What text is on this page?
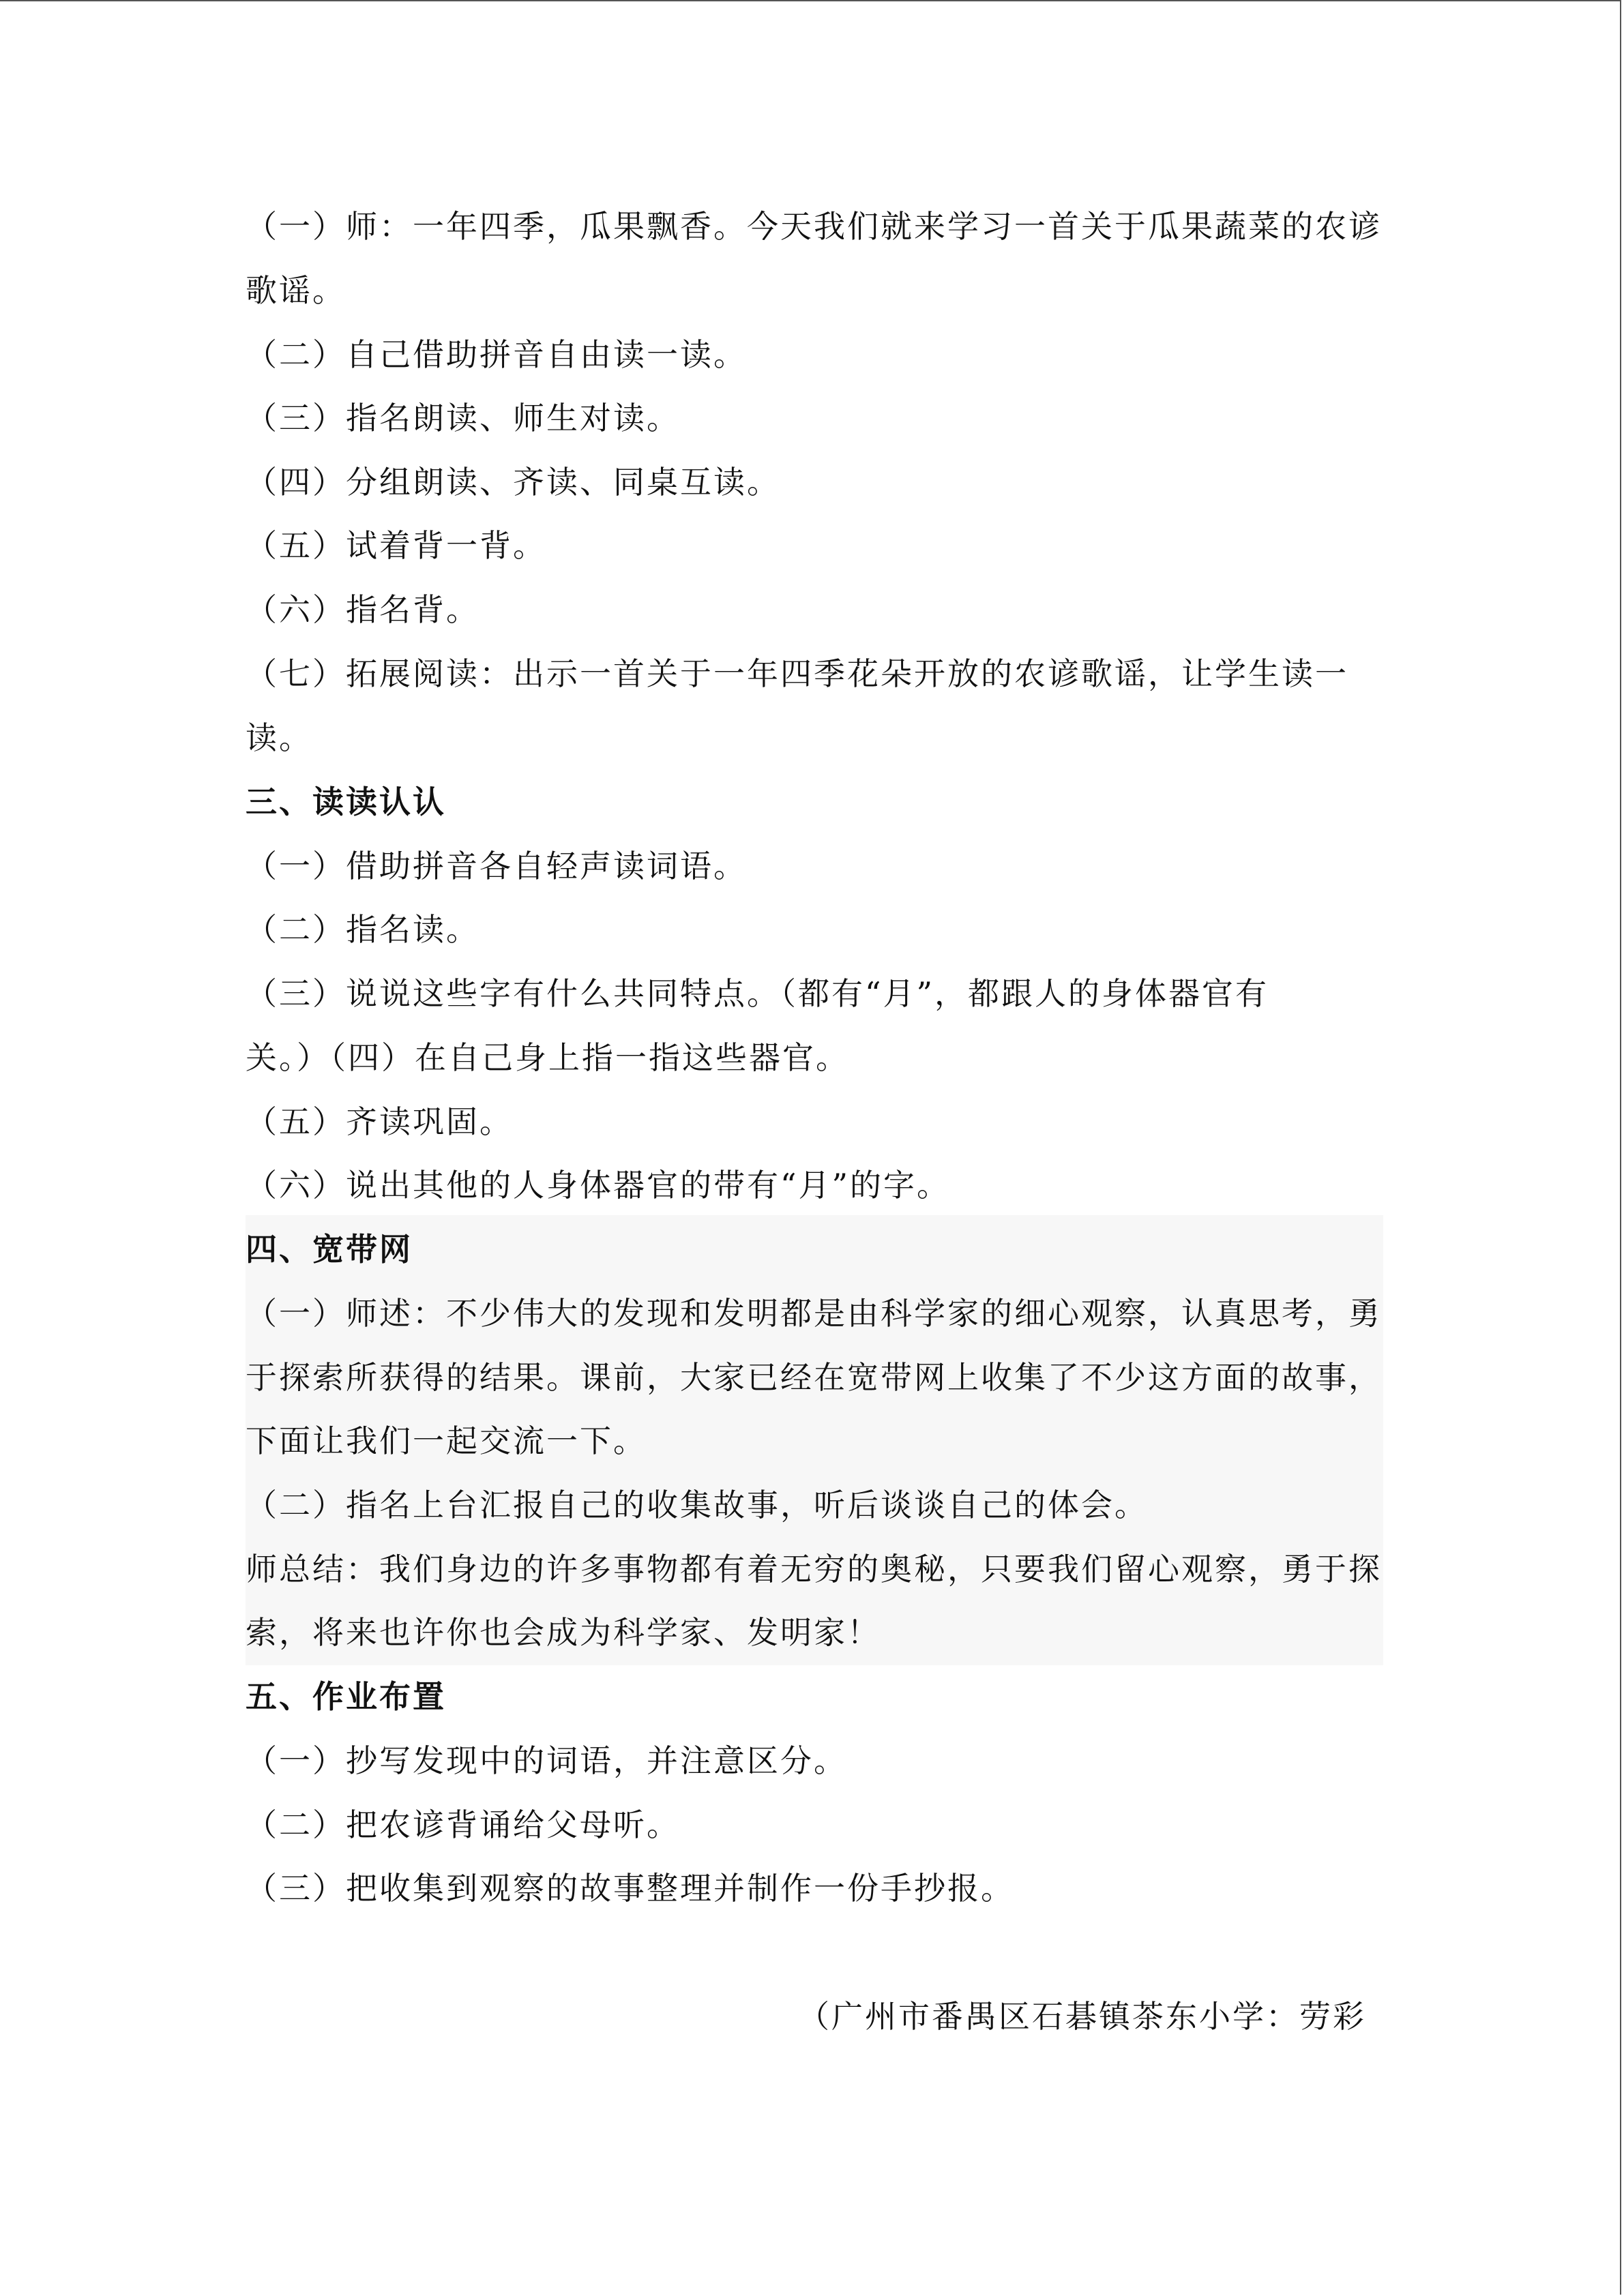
（一）师：一年四季，瓜果飘香。今天我们就来学习一首关于瓜果蔬菜的农谚

歌谣。

（二）自己借助拼音自由读一读。

（三）指名朗读、师生对读。

（四）分组朗读、齐读、同桌互读。

（五）试着背一背。

（六）指名背。

（七）拓展阅读：出示一首关于一年四季花朵开放的农谚歌谣，让学生读一

读。

三、读读认认

（一）借助拼音各自轻声读词语。

（二）指名读。

（三）说说这些字有什么共同特点。（都有“月”，都跟人的身体器官有

关。）（四）在自己身上指一指这些器官。

（五）齐读巩固。

（六）说出其他的人身体器官的带有“月”的字。

四、宽带网

（一）师述：不少伟大的发现和发明都是由科学家的细心观察，认真思考，勇

于探索所获得的结果。课前，大家已经在宽带网上收集了不少这方面的故事，

下面让我们一起交流一下。

（二）指名上台汇报自己的收集故事，听后谈谈自己的体会。

师总结：我们身边的许多事物都有着无穷的奥秘，只要我们留心观察，勇于探

索，将来也许你也会成为科学家、发明家！

五、作业布置

（一）抄写发现中的词语，并注意区分。

（二）把农谚背诵给父母听。

（三）把收集到观察的故事整理并制作一份手抄报。

（广州市番禺区石碁镇茶东小学：劳彩
